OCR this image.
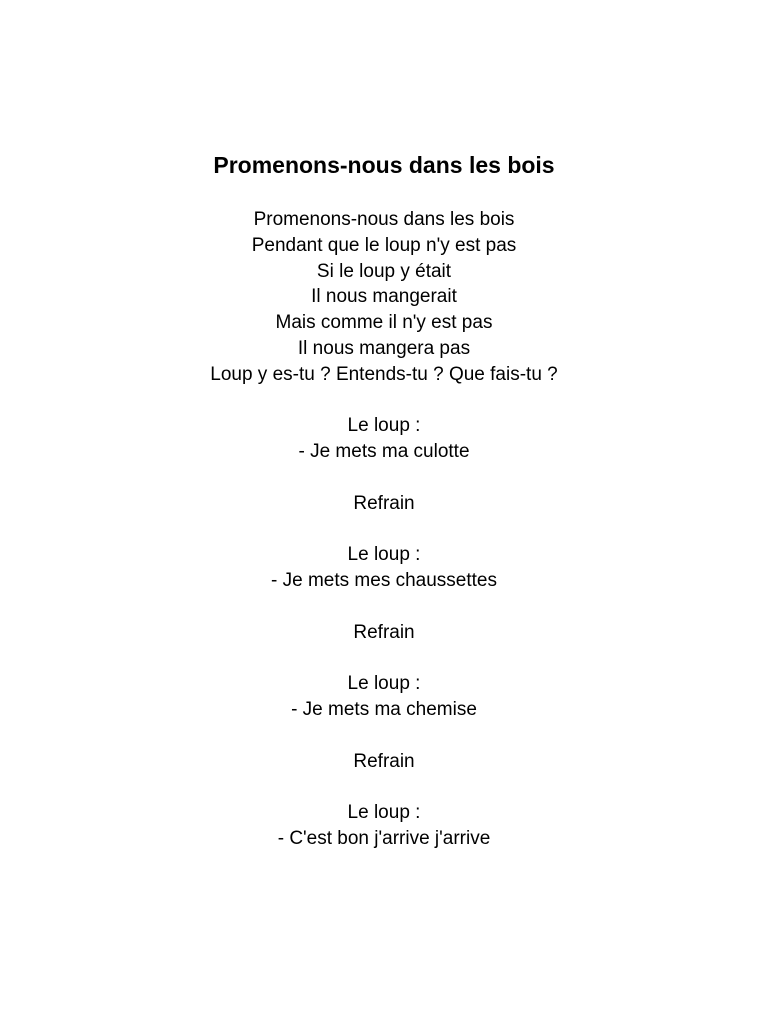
Promenons-nous dans les bois
Promenons-nous dans les bois
Pendant que le loup n'y est pas
Si le loup y était
Il nous mangerait
Mais comme il n'y est pas
Il nous mangera pas
Loup y es-tu ? Entends-tu ? Que fais-tu ?
Le loup :
- Je mets ma culotte
Refrain
Le loup :
- Je mets mes chaussettes
Refrain
Le loup :
- Je mets ma chemise
Refrain
Le loup :
- C'est bon j'arrive j'arrive
